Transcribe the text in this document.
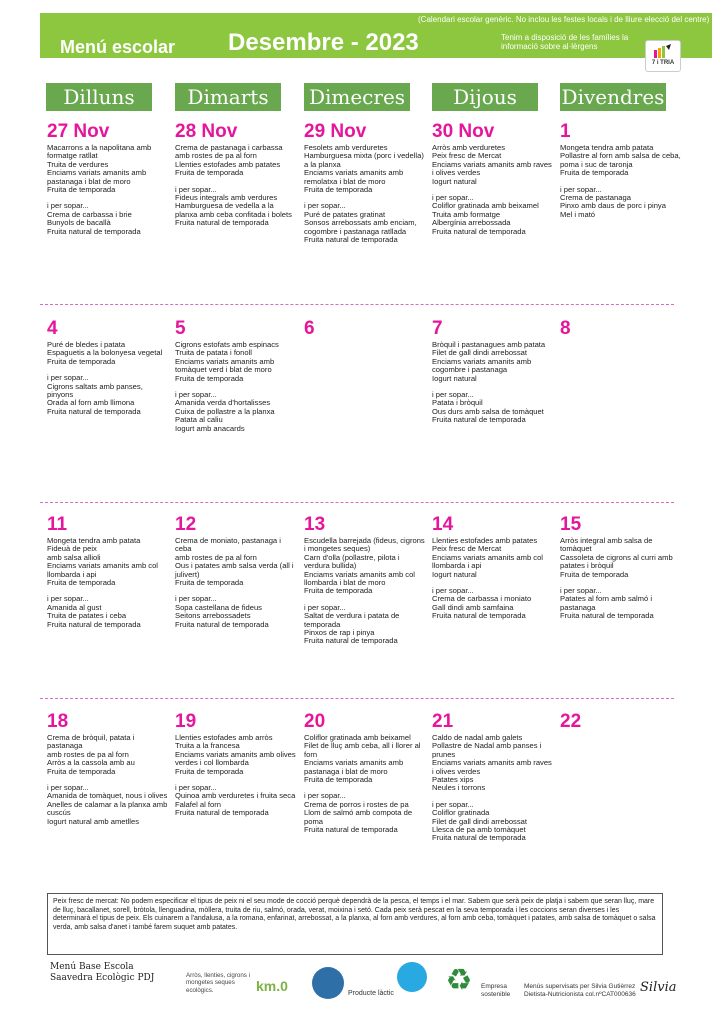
(Calendari escolar genèric. No inclou les festes locals i de lliure elecció del centre)
Menú escolar Desembre - 2023	Tenim a disposició de les famílies la informació sobre al·lèrgens
7 i TRIA
Dilluns	Dimarts	Dimecres	Dijous	Divendres
27 Nov
Macarrons a la napolitana amb formatge ratllat
Truita de verdures
Enciams variats amanits amb pastanaga i blat de moro
Fruita de temporada
i per sopar...
Crema de carbassa i brie
Bunyols de bacallà
Fruita natural de temporada
28 Nov
Crema de pastanaga i carbassa amb rostes de pa al forn
Llenties estofades amb patates
Fruita de temporada
i per sopar...
Fideus integrals amb verdures
Hamburguesa de vedella a la planxa amb ceba confitada i bolets
Fruita natural de temporada
29 Nov
Fesolets amb verduretes
Hamburguesa mixta (porc i vedella) a la planxa
Enciams variats amanits amb remolatxa i blat de moro
Fruita de temporada
i per sopar...
Puré de patates gratinat
Sonsos arrebossats amb enciam, cogombre i pastanaga ratllada
Fruita natural de temporada
30 Nov
Arròs amb verduretes
Peix fresc de Mercat
Enciams variats amanits amb raves i olives verdes
Iogurt natural
i per sopar...
Coliflor gratinada amb beixamel
Truita amb formatge
Albergínia arrebossada
Fruita natural de temporada
1
Mongeta tendra amb patata
Pollastre al forn amb salsa de ceba, poma i suc de taronja
Fruita de temporada
i per sopar...
Crema de pastanaga
Pinxo amb daus de porc i pinya
Mel i mató
4
Puré de bledes i patata
Espaguetis a la bolonyesa vegetal
Fruita de temporada
i per sopar...
Cigrons saltats amb panses, pinyons
Orada al forn amb llimona
Fruita natural de temporada
5
Cigrons estofats amb espinacs
Truita de patata i fonoll
Enciams variats amanits amb tomàquet verd i blat de moro
Fruita de temporada
i per sopar...
Amanida verda d'hortalisses
Cuixa de pollastre a la planxa
Patata al caliu
Iogurt amb anacards
6	7
Bròquil i pastanagues amb patata
Filet de gall dindi arrebossat
Enciams variats amanits amb cogombre i pastanaga
Iogurt natural
i per sopar...
Patata i bròquil
Ous durs amb salsa de tomàquet
Fruita natural de temporada
8
11
Mongeta tendra amb patata
Fideuà de peix
amb salsa allioli
Enciams variats amanits amb col llombarda i api
Fruita de temporada
i per sopar...
Amanida al gust
Truita de patates i ceba
Fruita natural de temporada
12
Crema de moniato, pastanaga i ceba
amb rostes de pa al forn
Ous i patates amb salsa verda (all i julivert)
Fruita de temporada
i per sopar...
Sopa castellana de fideus
Seitons arrebossadets
Fruita natural de temporada
13
Escudella barrejada (fideus, cigrons i mongetes seques)
Carn d'olla (pollastre, pilota i verdura bullida)
Enciams variats amanits amb col llombarda i blat de moro
Fruita de temporada
i per sopar...
Saltat de verdura i patata de temporada
Pinxos de rap i pinya
Fruita natural de temporada
14
Llenties estofades amb patates
Peix fresc de Mercat
Enciams variats amanits amb col llombarda i api
Iogurt natural
i per sopar...
Crema de carbassa i moniato
Gall dindi amb samfaina
Fruita natural de temporada
15
Arròs integral amb salsa de tomàquet
Cassoleta de cigrons al curri amb patates i bròquil
Fruita de temporada
i per sopar...
Patates al forn amb salmó i pastanaga
Fruita natural de temporada
18
Crema de bròquil, patata i pastanaga
amb rostes de pa al forn
Arròs a la cassola amb au
Fruita de temporada
i per sopar...
Amanida de tomàquet, nous i olives
Anelles de calamar a la planxa amb cuscús
Iogurt natural amb ametlles
19
Llenties estofades amb arròs
Truita a la francesa
Enciams variats amanits amb olives verdes i col llombarda
Fruita de temporada
i per sopar...
Quinoa amb verduretes i fruita seca
Falafel al forn
Fruita natural de temporada
20
Coliflor gratinada amb beixamel
Filet de lluç amb ceba, all i llorer al forn
Enciams variats amanits amb pastanaga i blat de moro
Fruita de temporada
i per sopar...
Crema de porros i rostes de pa
Llom de salmó amb compota de poma
Fruita natural de temporada
21
Caldo de nadal amb galets
Pollastre de Nadal amb panses i prunes
Enciams variats amanits amb raves i olives verdes
Patates xips
Neules i torrons
i per sopar...
Coliflor gratinada
Filet de gall dindi arrebossat
Llesca de pa amb tomàquet
Fruita natural de temporada
22
Peix fresc de mercat: No podem especificar el tipus de peix ni el seu mode de cocció perquè dependrà de la pesca, el temps i el mar. Sabem que serà peix de platja i sabem que seran lluç, mare de lluç, bacallanet, sorell, bròtola, llenguadina, mòllera, truita de riu, salmó, orada, verat, moixina i setó. Cada peix serà pescat en la seva temporada i les coccions seran diverses i les determinarà el tipus de peix. Els cuinarem a l'andalusa, a la romana, enfarinat, arrebossat, a la planxa, al forn amb verdures, al forn amb ceba, tomàquet i patates, amb salsa de tomàquet o salsa verda, amb salsa d'anet i també farem suquet amb patates.
Menú Base Escola
Saavedra Ecològic PDJ	Arròs, llenties, cigrons i mongetes seques ecològics.	km.0	Producte làctic ♻	Empresa
sostenible
Menús supervisats per Silvia Gutièrrez
Dietista-Nutricionista col.nºCAT000636 Silvia
